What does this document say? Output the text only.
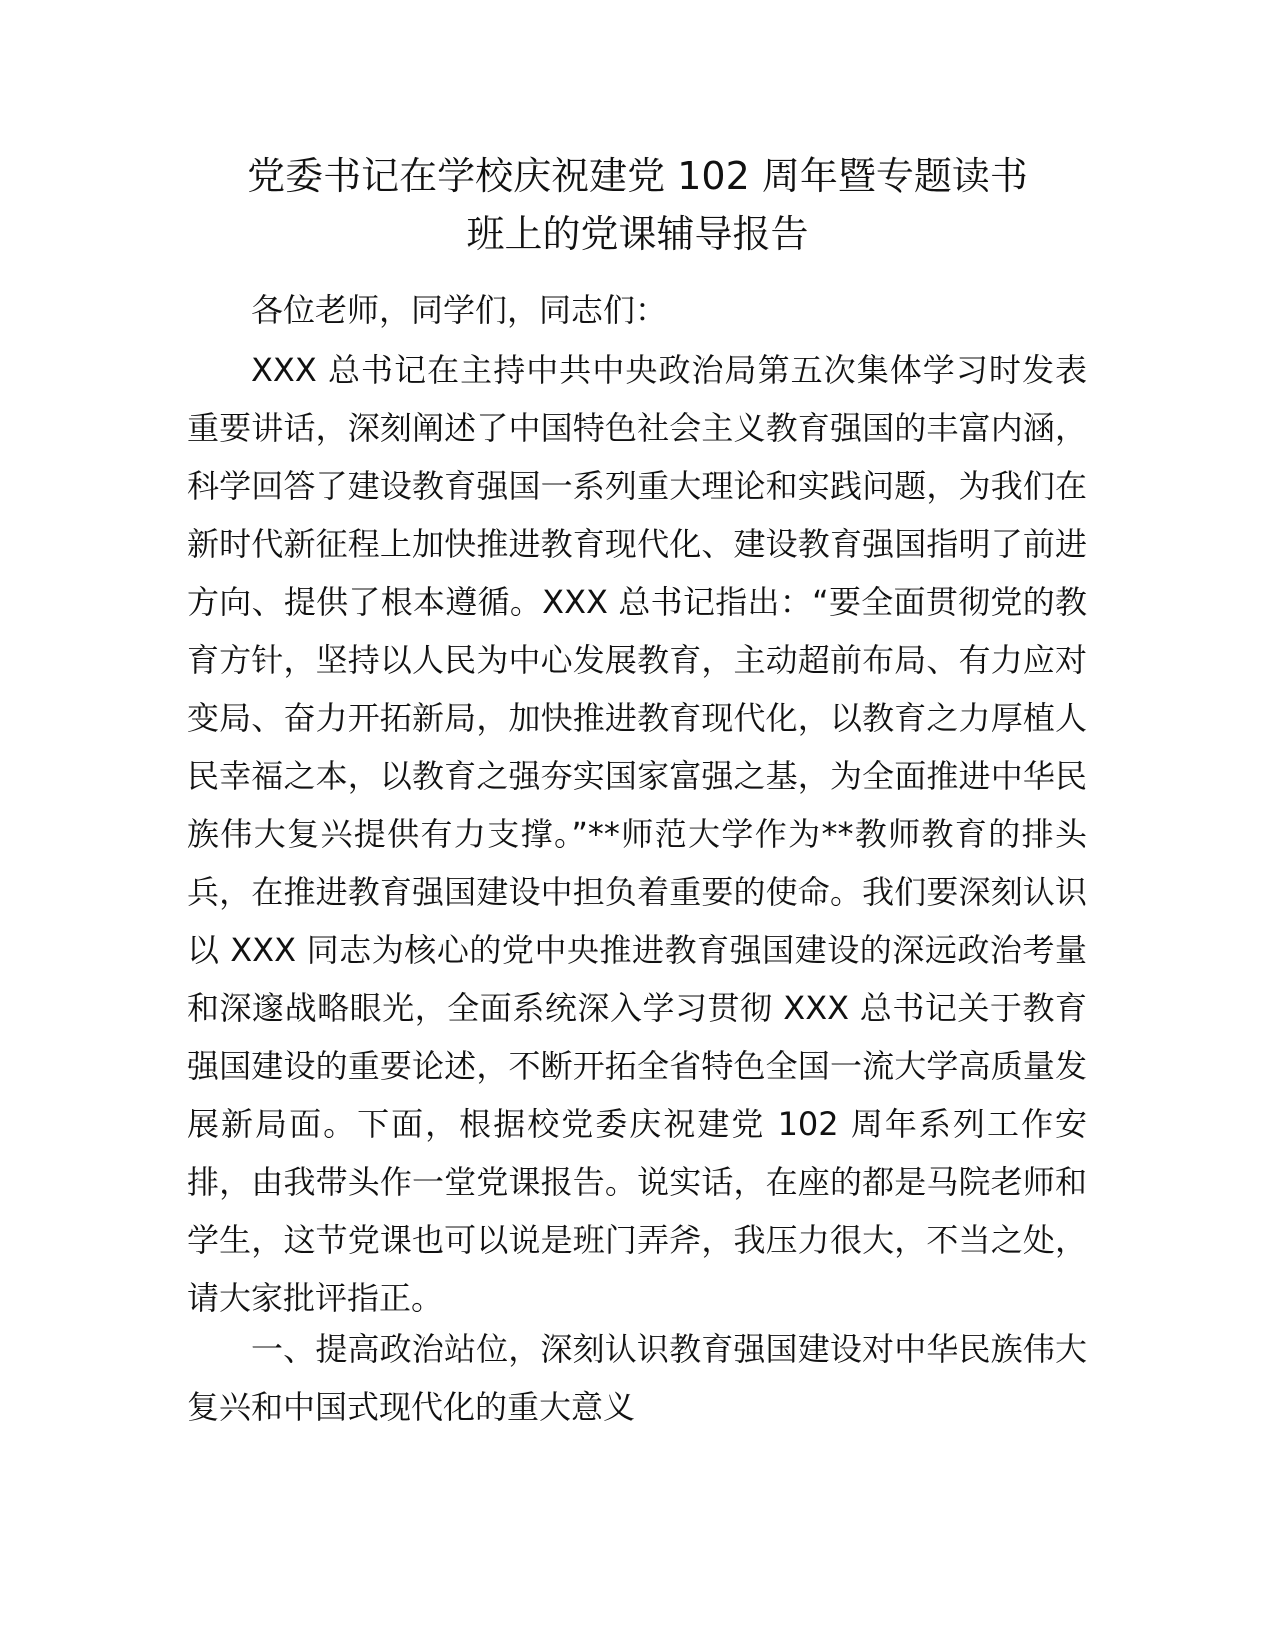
党委书记在学校庆祝建党 102 周年暨专题读书
班上的党课辅导报告

各位老师，同学们，同志们：

XXX 总书记在主持中共中央政治局第五次集体学习时发表重要讲话，深刻阐述了中国特色社会主义教育强国的丰富内涵，科学回答了建设教育强国一系列重大理论和实践问题，为我们在新时代新征程上加快推进教育现代化、建设教育强国指明了前进方向、提供了根本遵循。XXX 总书记指出：“要全面贯彻党的教育方针，坚持以人民为中心发展教育，主动超前布局、有力应对变局、奋力开拓新局，加快推进教育现代化，以教育之力厚植人民幸福之本，以教育之强夯实国家富强之基，为全面推进中华民族伟大复兴提供有力支撑。”**师范大学作为**教师教育的排头兵，在推进教育强国建设中担负着重要的使命。我们要深刻认识以 XXX 同志为核心的党中央推进教育强国建设的深远政治考量和深邃战略眼光，全面系统深入学习贯彻 XXX 总书记关于教育强国建设的重要论述，不断开拓全省特色全国一流大学高质量发展新局面。下面，根据校党委庆祝建党 102 周年系列工作安排，由我带头作一堂党课报告。说实话，在座的都是马院老师和学生，这节党课也可以说是班门弄斧，我压力很大，不当之处，请大家批评指正。

一、提高政治站位，深刻认识教育强国建设对中华民族伟大复兴和中国式现代化的重大意义
